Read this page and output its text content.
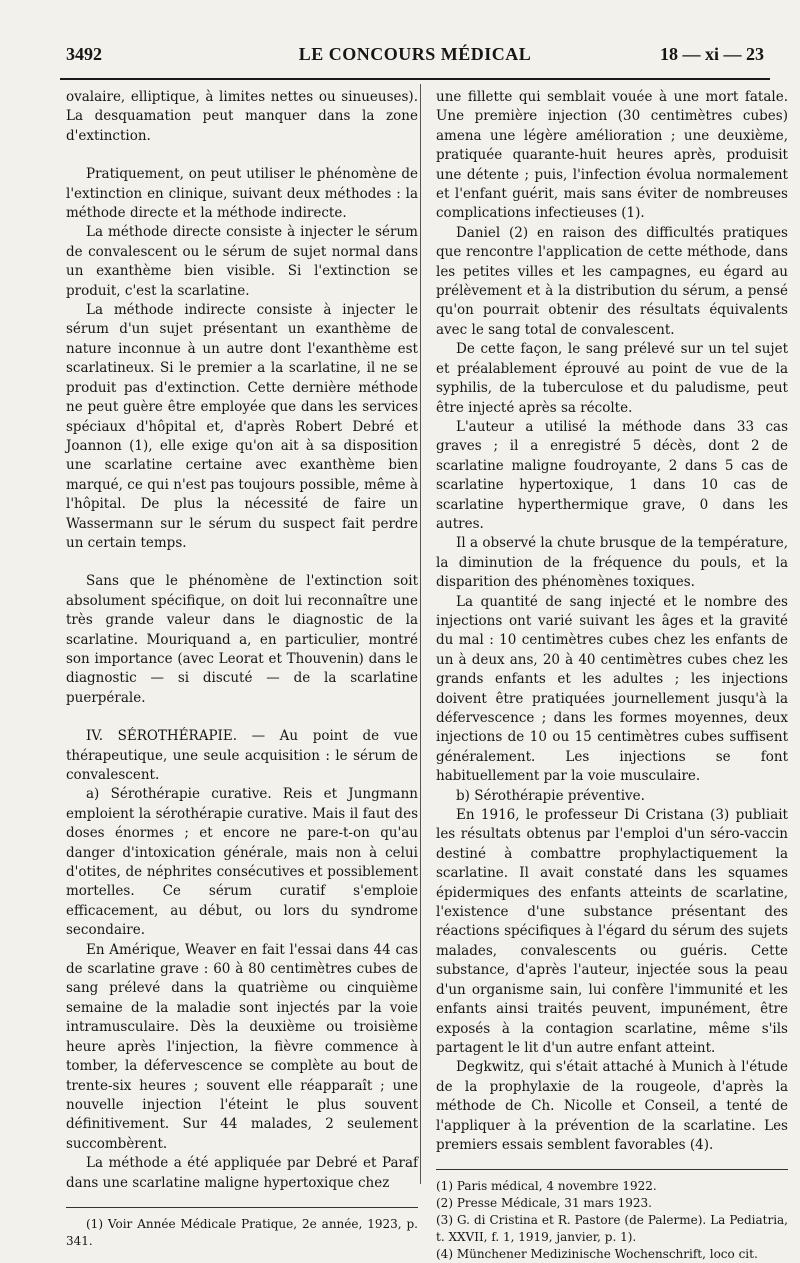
3492	LE CONCOURS MÉDICAL	18 — xi — 23

ovalaire, elliptique, à limites nettes ou sinueuses). La desquamation peut manquer dans la zone d'extinction.

Pratiquement, on peut utiliser le phénomène de l'extinction en clinique, suivant deux méthodes : la méthode directe et la méthode indirecte.

La méthode directe consiste à injecter le sérum de convalescent ou le sérum de sujet normal dans un exanthème bien visible. Si l'extinction se produit, c'est la scarlatine.

La méthode indirecte consiste à injecter le sérum d'un sujet présentant un exanthème de nature inconnue à un autre dont l'exanthème est scarlatineux. Si le premier a la scarlatine, il ne se produit pas d'extinction. Cette dernière méthode ne peut guère être employée que dans les services spéciaux d'hôpital et, d'après Robert Debré et Joannon (1), elle exige qu'on ait à sa disposition une scarlatine certaine avec exanthème bien marqué, ce qui n'est pas toujours possible, même à l'hôpital. De plus la nécessité de faire un Wassermann sur le sérum du suspect fait perdre un certain temps.

Sans que le phénomène de l'extinction soit absolument spécifique, on doit lui reconnaître une très grande valeur dans le diagnostic de la scarlatine. Mouriquand a, en particulier, montré son importance (avec Leorat et Thouvenin) dans le diagnostic — si discuté — de la scarlatine puerpérale.

IV. SÉROTHÉRAPIE. — Au point de vue thérapeutique, une seule acquisition : le sérum de convalescent.

a) Sérothérapie curative. Reis et Jungmann emploient la sérothérapie curative. Mais il faut des doses énormes ; et encore ne pare-t-on qu'au danger d'intoxication générale, mais non à celui d'otites, de néphrites consécutives et possiblement mortelles. Ce sérum curatif s'emploie efficacement, au début, ou lors du syndrome secondaire.

En Amérique, Weaver en fait l'essai dans 44 cas de scarlatine grave : 60 à 80 centimètres cubes de sang prélevé dans la quatrième ou cinquième semaine de la maladie sont injectés par la voie intramusculaire. Dès la deuxième ou troisième heure après l'injection, la fièvre commence à tomber, la défervescence se complète au bout de trente-six heures ; souvent elle réapparaît ; une nouvelle injection l'éteint le plus souvent définitivement. Sur 44 malades, 2 seulement succombèrent.

La méthode a été appliquée par Debré et Paraf dans une scarlatine maligne hypertoxique chez

(1) Voir Année Médicale Pratique, 2e année, 1923, p. 341.

une fillette qui semblait vouée à une mort fatale. Une première injection (30 centimètres cubes) amena une légère amélioration ; une deuxième, pratiquée quarante-huit heures après, produisit une détente ; puis, l'infection évolua normalement et l'enfant guérit, mais sans éviter de nombreuses complications infectieuses (1).

Daniel (2) en raison des difficultés pratiques que rencontre l'application de cette méthode, dans les petites villes et les campagnes, eu égard au prélèvement et à la distribution du sérum, a pensé qu'on pourrait obtenir des résultats équivalents avec le sang total de convalescent.

De cette façon, le sang prélevé sur un tel sujet et préalablement éprouvé au point de vue de la syphilis, de la tuberculose et du paludisme, peut être injecté après sa récolte.

L'auteur a utilisé la méthode dans 33 cas graves ; il a enregistré 5 décès, dont 2 de scarlatine maligne foudroyante, 2 dans 5 cas de scarlatine hypertoxique, 1 dans 10 cas de scarlatine hyperthermique grave, 0 dans les autres.

Il a observé la chute brusque de la température, la diminution de la fréquence du pouls, et la disparition des phénomènes toxiques.

La quantité de sang injecté et le nombre des injections ont varié suivant les âges et la gravité du mal : 10 centimètres cubes chez les enfants de un à deux ans, 20 à 40 centimètres cubes chez les grands enfants et les adultes ; les injections doivent être pratiquées journellement jusqu'à la défervescence ; dans les formes moyennes, deux injections de 10 ou 15 centimètres cubes suffisent généralement. Les injections se font habituellement par la voie musculaire.

b) Sérothérapie préventive.

En 1916, le professeur Di Cristana (3) publiait les résultats obtenus par l'emploi d'un séro-vaccin destiné à combattre prophylactiquement la scarlatine. Il avait constaté dans les squames épidermiques des enfants atteints de scarlatine, l'existence d'une substance présentant des réactions spécifiques à l'égard du sérum des sujets malades, convalescents ou guéris. Cette substance, d'après l'auteur, injectée sous la peau d'un organisme sain, lui confère l'immunité et les enfants ainsi traités peuvent, impunément, être exposés à la contagion scarlatine, même s'ils partagent le lit d'un autre enfant atteint.

Degkwitz, qui s'était attaché à Munich à l'étude de la prophylaxie de la rougeole, d'après la méthode de Ch. Nicolle et Conseil, a tenté de l'appliquer à la prévention de la scarlatine. Les premiers essais semblent favorables (4).

(1) Paris médical, 4 novembre 1922.

(2) Presse Médicale, 31 mars 1923.

(3) G. di Cristina et R. Pastore (de Palerme). La Pediatria, t. XXVII, f. 1, 1919, janvier, p. 1).

(4) Münchener Medizinische Wochenschrift, loco cit.
